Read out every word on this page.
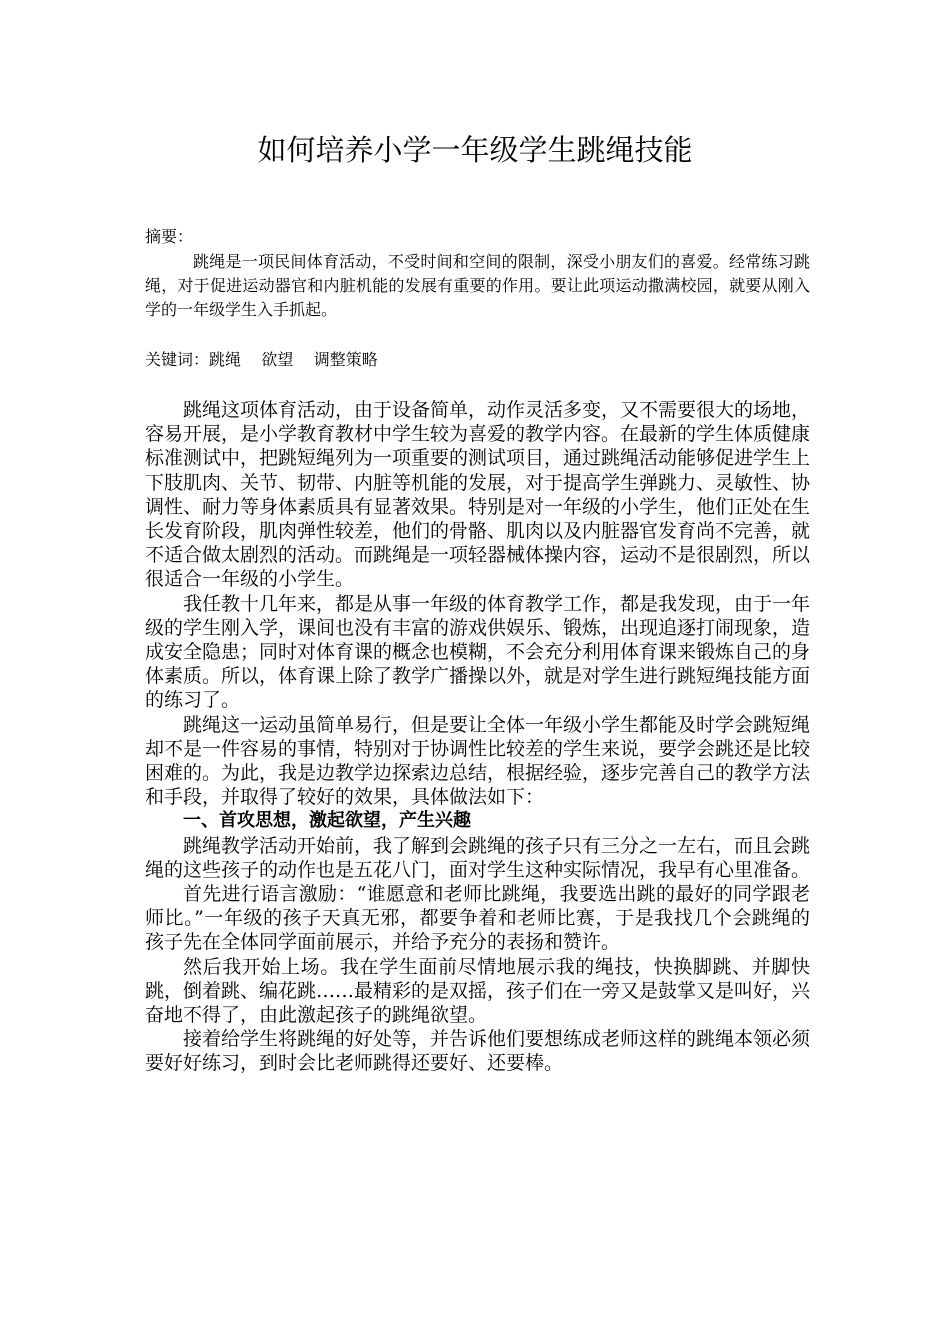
如何培养小学一年级学生跳绳技能
摘要：

跳绳是一项民间体育活动，不受时间和空间的限制，深受小朋友们的喜爱。经常练习跳绳，对于促进运动器官和内脏机能的发展有重要的作用。要让此项运动撒满校园，就要从刚入学的一年级学生入手抓起。

关键词：跳绳    欲望    调整策略

跳绳这项体育活动，由于设备简单，动作灵活多变，又不需要很大的场地，容易开展，是小学教育教材中学生较为喜爱的教学内容。在最新的学生体质健康标准测试中，把跳短绳列为一项重要的测试项目，通过跳绳活动能够促进学生上下肢肌肉、关节、韧带、内脏等机能的发展，对于提高学生弹跳力、灵敏性、协调性、耐力等身体素质具有显著效果。特别是对一年级的小学生，他们正处在生长发育阶段，肌肉弹性较差，他们的骨骼、肌肉以及内脏器官发育尚不完善，就不适合做太剧烈的活动。而跳绳是一项轻器械体操内容，运动不是很剧烈，所以很适合一年级的小学生。

我任教十几年来，都是从事一年级的体育教学工作，都是我发现，由于一年级的学生刚入学，课间也没有丰富的游戏供娱乐、锻炼，出现追逐打闹现象，造成安全隐患；同时对体育课的概念也模糊，不会充分利用体育课来锻炼自己的身体素质。所以，体育课上除了教学广播操以外，就是对学生进行跳短绳技能方面的练习了。

跳绳这一运动虽简单易行，但是要让全体一年级小学生都能及时学会跳短绳却不是一件容易的事情，特别对于协调性比较差的学生来说，要学会跳还是比较困难的。为此，我是边教学边探索边总结，根据经验，逐步完善自己的教学方法和手段，并取得了较好的效果，具体做法如下：

一、首攻思想，激起欲望，产生兴趣

跳绳教学活动开始前，我了解到会跳绳的孩子只有三分之一左右，而且会跳绳的这些孩子的动作也是五花八门，面对学生这种实际情况，我早有心里准备。

首先进行语言激励：“谁愿意和老师比跳绳，我要选出跳的最好的同学跟老师比。”一年级的孩子天真无邪，都要争着和老师比赛，于是我找几个会跳绳的孩子先在全体同学面前展示，并给予充分的表扬和赞许。

然后我开始上场。我在学生面前尽情地展示我的绳技，快换脚跳、并脚快跳，倒着跳、编花跳……最精彩的是双摇，孩子们在一旁又是鼓掌又是叫好，兴奋地不得了，由此激起孩子的跳绳欲望。

接着给学生将跳绳的好处等，并告诉他们要想练成老师这样的跳绳本领必须要好好练习，到时会比老师跳得还要好、还要棒。
